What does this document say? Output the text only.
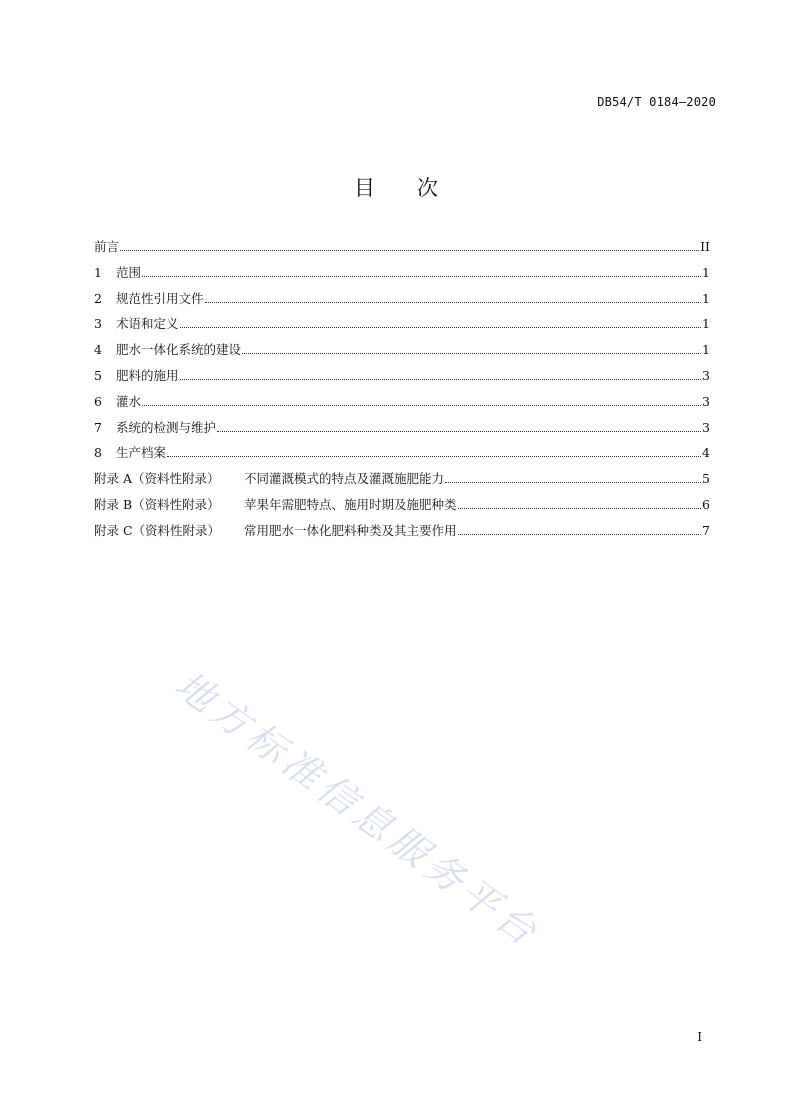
DB54/T 0184—2020
目 次
前言	II
1	范围	1
2	规范性引用文件	1
3	术语和定义	1
4	肥水一体化系统的建设	1
5	肥料的施用	3
6	灌水	3
7	系统的检测与维护	3
8	生产档案	4
附录 A（资料性附录）	不同灌溉模式的特点及灌溉施肥能力	5
附录 B（资料性附录）	苹果年需肥特点、施用时期及施肥种类	6
附录 C（资料性附录）	常用肥水一体化肥料种类及其主要作用	7
地方标准信息服务平台
I
